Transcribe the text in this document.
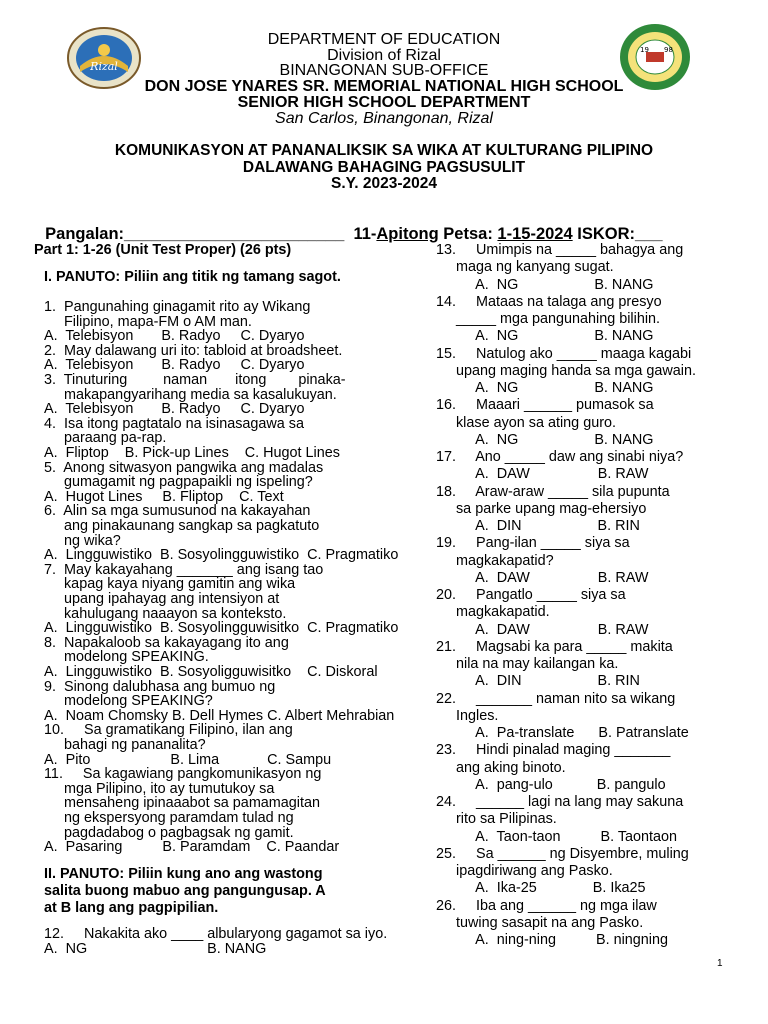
Rizal
19 98
DEPARTMENT OF EDUCATION
Division of Rizal
BINANGONAN SUB-OFFICE
DON JOSE YNARES SR. MEMORIAL NATIONAL HIGH SCHOOL
SENIOR HIGH SCHOOL DEPARTMENT
San Carlos, Binangonan, Rizal
KOMUNIKASYON AT PANANALIKSIK SA WIKA AT KULTURANG PILIPINO
DALAWANG BAHAGING PAGSUSULIT
S.Y. 2023-2024

Pangalan:________________________ 11-Apitong Petsa: 1-15-2024 ISKOR:___

Part 1: 1-26 (Unit Test Proper) (26 pts)
I. PANUTO: Piliin ang titik ng tamang sagot.
1.  Pangunahing ginagamit rito ay Wikang
Filipino, mapa-FM o AM man.
A.  Telebisyon       B. Radyo     C. Dyaryo
2.  May dalawang uri ito: tabloid at broadsheet.
A.  Telebisyon       B. Radyo     C. Dyaryo
3.  Tinuturing         naman       itong        pinaka-
makapangyarihang media sa kasalukuyan.
A.  Telebisyon       B. Radyo     C. Dyaryo
4.  Isa itong pagtatalo na isinasagawa sa
paraang pa-rap.
A.  Fliptop    B. Pick-up Lines    C. Hugot Lines
5.  Anong sitwasyon pangwika ang madalas
gumagamit ng pagpapaikli ng ispeling?
A.  Hugot Lines     B. Fliptop    C. Text
6.  Alin sa mga sumusunod na kakayahan
ang pinakaunang sangkap sa pagkatuto
ng wika?
A.  Lingguwistiko  B. Sosyolingguwistiko  C. Pragmatiko
7.  May kakayahang _______ ang isang tao
kapag kaya niyang gamitin ang wika
upang ipahayag ang intensiyon at
kahulugang naaayon sa konteksto.
A.  Lingguwistiko  B. Sosyolingguwisitko  C. Pragmatiko
8.  Napakaloob sa kakayagang ito ang
modelong SPEAKING.
A.  Lingguwistiko  B. Sosyoligguwisitko    C. Diskoral
9.  Sinong dalubhasa ang bumuo ng
modelong SPEAKING?
A.  Noam Chomsky B. Dell Hymes C. Albert Mehrabian
10.     Sa gramatikang Filipino, ilan ang
bahagi ng pananalita?
A.  Pito                    B. Lima            C. Sampu
11.     Sa kagawiang pangkomunikasyon ng
mga Pilipino, ito ay tumutukoy sa
mensaheng ipinaaabot sa pamamagitan
ng ekspersyong paramdam tulad ng
pagdadabog o pagbagsak ng gamit.
A.  Pasaring          B. Paramdam    C. Paandar
II. PANUTO: Piliin kung ano ang wastong
salita buong mabuo ang pangungusap. A
at B lang ang pagpipilian.
12.     Nakakita ako ____ albularyong gagamot sa iyo.
A.  NG                              B. NANG
13.     Umimpis na _____ bahagya ang
maga ng kanyang sugat.
A.  NG                   B. NANG
14.     Mataas na talaga ang presyo
_____ mga pangunahing bilihin.
A.  NG                   B. NANG
15.     Natulog ako _____ maaga kagabi
upang maging handa sa mga gawain.
A.  NG                   B. NANG
16.     Maaari ______ pumasok sa
klase ayon sa ating guro.
A.  NG                   B. NANG
17.     Ano _____ daw ang sinabi niya?
A.  DAW                 B. RAW
18.     Araw-araw _____ sila pupunta
sa parke upang mag-ehersiyo
A.  DIN                   B. RIN
19.     Pang-ilan _____ siya sa
magkakapatid?
A.  DAW                 B. RAW
20.     Pangatlo _____ siya sa
magkakapatid.
A.  DAW                 B. RAW
21.     Magsabi ka para _____ makita
nila na may kailangan ka.
A.  DIN                   B. RIN
22.     _______ naman nito sa wikang
Ingles.
A.  Pa-translate      B. Patranslate
23.     Hindi pinalad maging _______
ang aking binoto.
A.  pang-ulo           B. pangulo
24.     ______ lagi na lang may sakuna
rito sa Pilipinas.
A.  Taon-taon          B. Taontaon
25.     Sa ______ ng Disyembre, muling
ipagdiriwang ang Pasko.
A.  Ika-25              B. Ika25
26.     Iba ang ______ ng mga ilaw
tuwing sasapit na ang Pasko.
A.  ning-ning          B. ningning
1
